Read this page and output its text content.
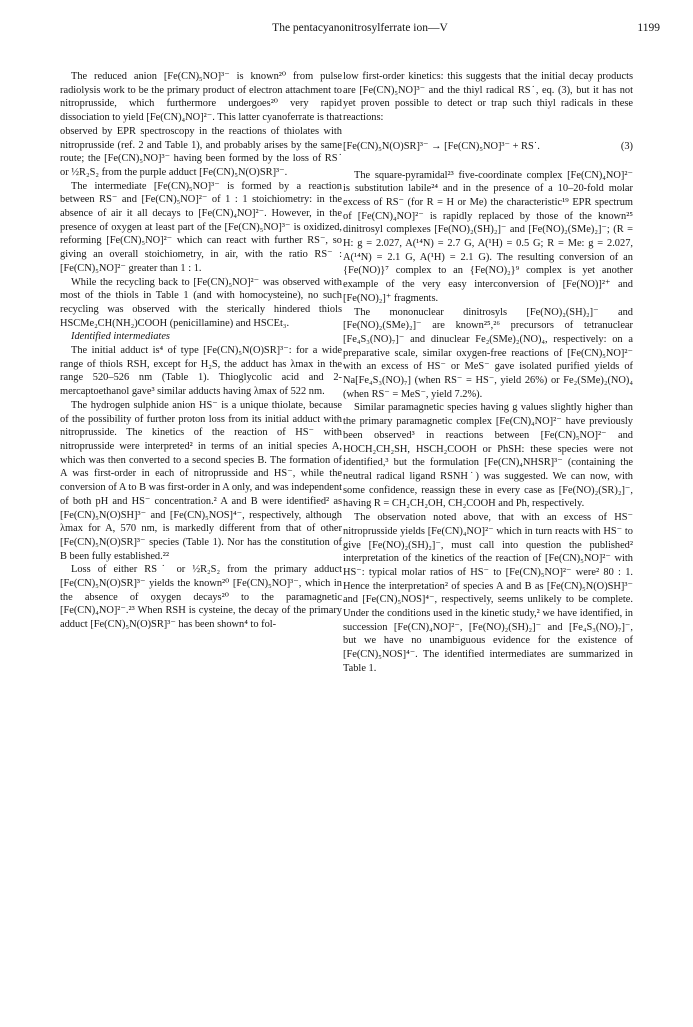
The pentacyanonitrosylferrate ion—V	1199

The reduced anion [Fe(CN)₅NO]³⁻ is known²⁰ from pulse radiolysis work to be the primary product of electron attachment to nitroprusside, which furthermore undergoes²⁰ very rapid dissociation to yield [Fe(CN)₄NO]²⁻. This latter cyanoferrate is that observed by EPR spectroscopy in the reactions of thiolates with nitroprusside (ref. 2 and Table 1), and probably arises by the same route; the [Fe(CN)₅NO]³⁻ having been formed by the loss of RS˙ or ½R₂S₂ from the purple adduct [Fe(CN)₅N(O)SR]³⁻.

The intermediate [Fe(CN)₅NO]³⁻ is formed by a reaction between RS⁻ and [Fe(CN)₅NO]²⁻ of 1 : 1 stoichiometry: in the absence of air it all decays to [Fe(CN)₄NO]²⁻. However, in the presence of oxygen at least part of the [Fe(CN)₅NO]³⁻ is oxidized, reforming [Fe(CN)₅NO]²⁻ which can react with further RS⁻, so giving an overall stoichiometry, in air, with the ratio RS⁻ : [Fe(CN)₅NO]²⁻ greater than 1 : 1.

While the recycling back to [Fe(CN)₅NO]²⁻ was observed with most of the thiols in Table 1 (and with homocysteine), no such recycling was observed with the sterically hindered thiols HSCMe₂CH(NH₂)COOH (penicillamine) and HSCEt₃.

Identified intermediates

The initial adduct is⁴ of type [Fe(CN)₅N(O)SR]³⁻: for a wide range of thiols RSH, except for H₂S, the adduct has λmax in the range 520–526 nm (Table 1). Thioglycolic acid and 2-mercaptoethanol gave³ similar adducts having λmax of 522 nm.

The hydrogen sulphide anion HS⁻ is a unique thiolate, because of the possibility of further proton loss from its initial adduct with nitroprusside. The kinetics of the reaction of HS⁻ with nitroprusside were interpreted² in terms of an initial species A, which was then converted to a second species B. The formation of A was first-order in each of nitroprusside and HS⁻, while the conversion of A to B was first-order in A only, and was independent of both pH and HS⁻ concentration.² A and B were identified² as [Fe(CN)₅N(O)SH]³⁻ and [Fe(CN)₅NOS]⁴⁻, respectively, although λmax for A, 570 nm, is markedly different from that of other [Fe(CN)₅N(O)SR]³⁻ species (Table 1). Nor has the constitution of B been fully established.²²

Loss of either RS˙ or ½R₂S₂ from the primary adduct [Fe(CN)₅N(O)SR]³⁻ yields the known²⁰ [Fe(CN)₅NO]³⁻, which in the absence of oxygen decays²⁰ to the paramagnetic [Fe(CN)₄NO]²⁻.²³ When RSH is cysteine, the decay of the primary adduct [Fe(CN)₅N(O)SR]³⁻ has been shown⁴ to fol-

low first-order kinetics: this suggests that the initial decay products are [Fe(CN)₅NO]³⁻ and the thiyl radical RS˙, eq. (3), but it has not yet proven possible to detect or trap such thiyl radicals in these reactions:

[Fe(CN)₅N(O)SR]³⁻ → [Fe(CN)₅NO]³⁻ + RS˙.	(3)

The square-pyramidal²³ five-coordinate complex [Fe(CN)₄NO]²⁻ is substitution labile²⁴ and in the presence of a 10–20-fold molar excess of RS⁻ (for R = H or Me) the characteristic¹⁹ EPR spectrum of [Fe(CN)₄NO]²⁻ is rapidly replaced by those of the known²⁵ dinitrosyl complexes [Fe(NO)₂(SH)₂]⁻ and [Fe(NO)₂(SMe)₂]⁻; (R = H: g = 2.027, A(¹⁴N) = 2.7 G, A(¹H) = 0.5 G; R = Me: g = 2.027, A(¹⁴N) = 2.1 G, A(¹H) = 2.1 G). The resulting conversion of an {Fe(NO)}⁷ complex to an {Fe(NO)₂}⁹ complex is yet another example of the very easy interconversion of [Fe(NO)]²⁺ and [Fe(NO)₂]⁺ fragments.

The mononuclear dinitrosyls [Fe(NO)₂(SH)₂]⁻ and [Fe(NO)₂(SMe)₂]⁻ are known²⁵,²⁶ precursors of tetranuclear [Fe₄S₃(NO)₇]⁻ and dinuclear Fe₂(SMe)₂(NO)₄, respectively: on a preparative scale, similar oxygen-free reactions of [Fe(CN)₅NO]²⁻ with an excess of HS⁻ or MeS⁻ gave isolated purified yields of Na[Fe₄S₃(NO)₇] (when RS⁻ = HS⁻, yield 26%) or Fe₂(SMe)₂(NO)₄ (when RS⁻ = MeS⁻, yield 7.2%).

Similar paramagnetic species having g values slightly higher than the primary paramagnetic complex [Fe(CN)₄NO]²⁻ have previously been observed³ in reactions between [Fe(CN)₅NO]²⁻ and HOCH₂CH₂SH, HSCH₂COOH or PhSH: these species were not identified,³ but the formulation [Fe(CN)₄NHSR]³⁻ (containing the neutral radical ligand RSNH˙) was suggested. We can now, with some confidence, reassign these in every case as [Fe(NO)₂(SR)₂]⁻, having R = CH₂CH₂OH, CH₂COOH and Ph, respectively.

The observation noted above, that with an excess of HS⁻ nitroprusside yields [Fe(CN)₄NO]²⁻ which in turn reacts with HS⁻ to give [Fe(NO)₂(SH)₂]⁻, must call into question the published² interpretation of the kinetics of the reaction of [Fe(CN)₅NO]²⁻ with HS⁻: typical molar ratios of HS⁻ to [Fe(CN)₅NO]²⁻ were² 80 : 1. Hence the interpretation² of species A and B as [Fe(CN)₅N(O)SH]³⁻ and [Fe(CN)₅NOS]⁴⁻, respectively, seems unlikely to be complete. Under the conditions used in the kinetic study,² we have identified, in succession [Fe(CN)₄NO]²⁻, [Fe(NO)₂(SH)₂]⁻ and [Fe₄S₃(NO)₇]⁻, but we have no unambiguous evidence for the existence of [Fe(CN)₅NOS]⁴⁻. The identified intermediates are summarized in Table 1.
